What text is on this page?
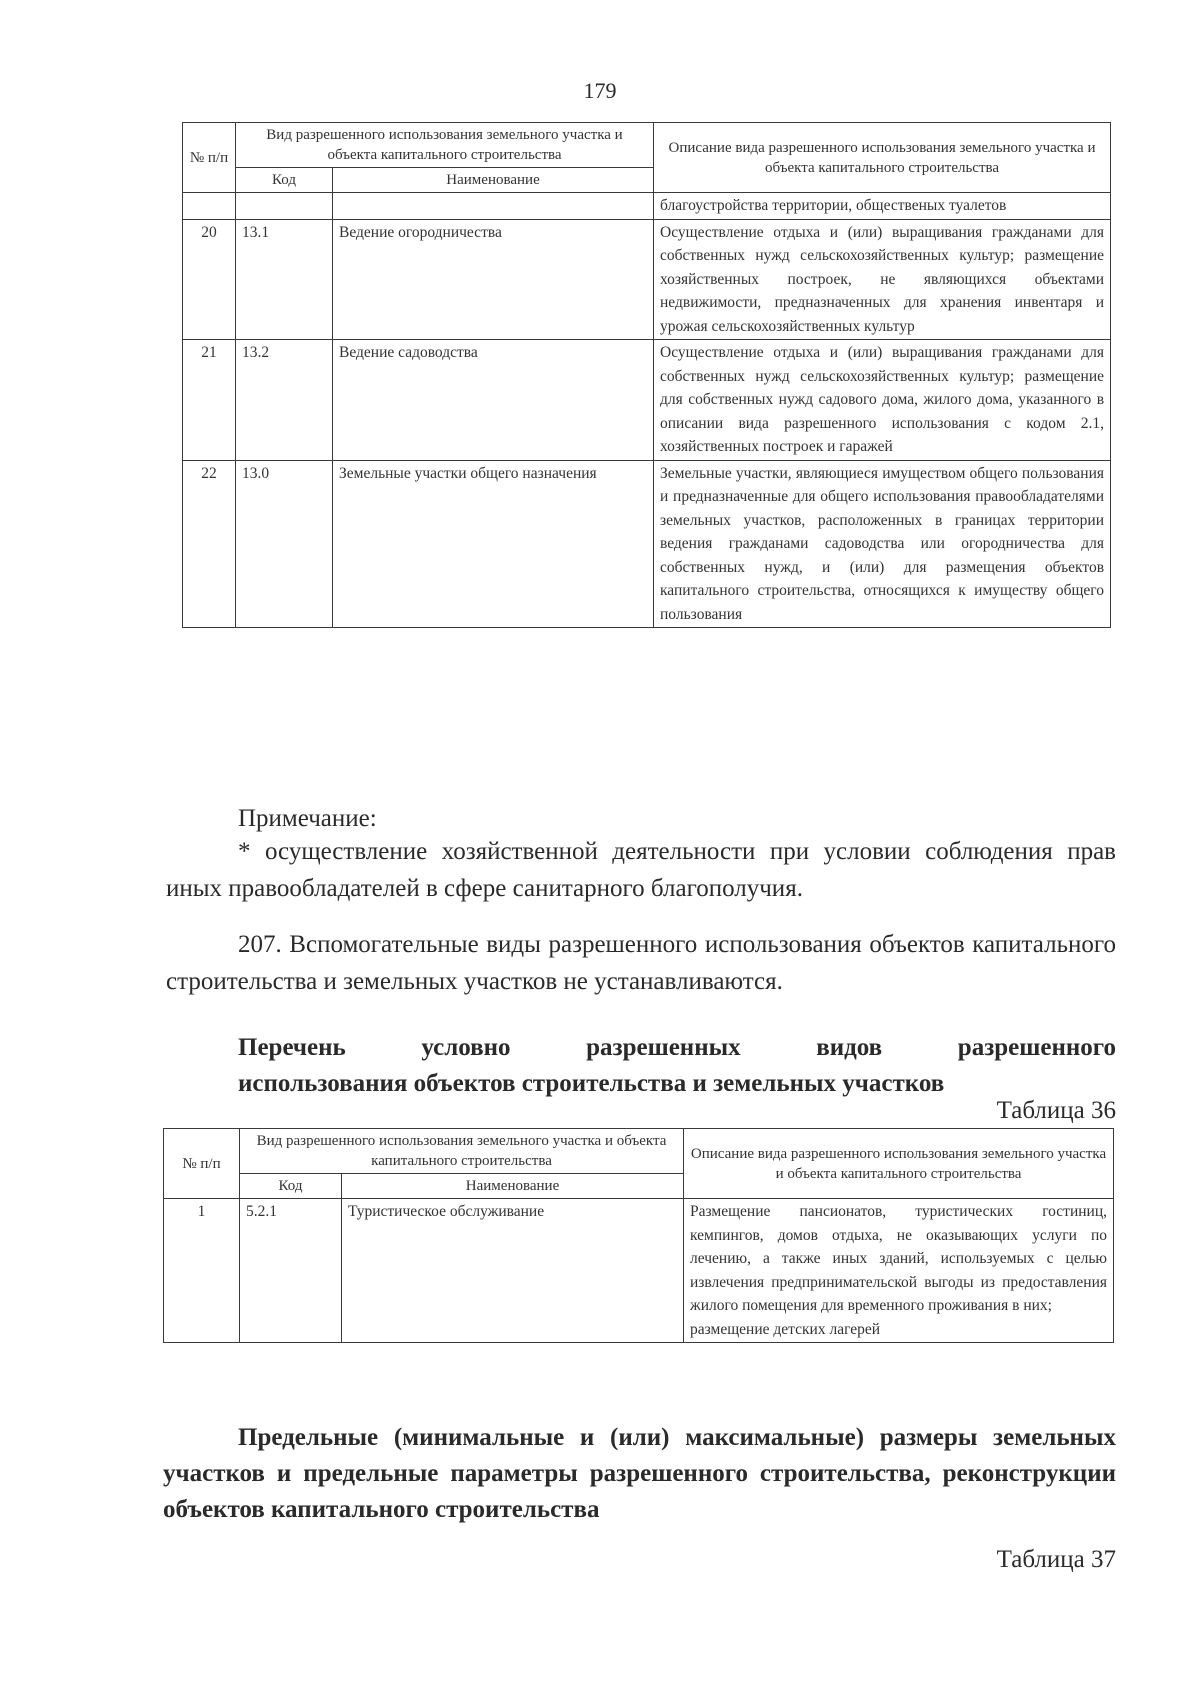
179
№ п/п	Вид разрешенного использования земельного участка и объекта капитального строительства		Описание вида разрешенного использования земельного участка и объекта капитального строительства
	Код	Наименование	
			благоустройства территории, общественых туалетов
20	13.1	Ведение огородничества	Осуществление отдыха и (или) выращивания гражданами для собственных нужд сельскохозяйственных культур; размещение хозяйственных построек, не являющихся объектами недвижимости, предназначенных для хранения инвентаря и урожая сельскохозяйственных культур
21	13.2	Ведение садоводства	Осуществление отдыха и (или) выращивания гражданами для собственных нужд сельскохозяйственных культур; размещение для собственных нужд садового дома, жилого дома, указанного в описании вида разрешенного использования с кодом 2.1, хозяйственных построек и гаражей
22	13.0	Земельные участки общего назначения	Земельные участки, являющиеся имуществом общего пользования и предназначенные для общего использования правообладателями земельных участков, расположенных в границах территории ведения гражданами садоводства или огородничества для собственных нужд, и (или) для размещения объектов капитального строительства, относящихся к имуществу общего пользования
Примечание:
* осуществление хозяйственной деятельности при условии соблюдения прав иных правообладателей в сфере санитарного благополучия.
207. Вспомогательные виды разрешенного использования объектов капитального строительства и земельных участков не устанавливаются.
Перечень условно разрешенных видов разрешенного
использования объектов строительства и земельных участков
Таблица 36
№ п/п	Вид разрешенного использования земельного участка и объекта капитального строительства		Описание вида разрешенного использования земельного участка и объекта капитального строительства
	Код	Наименование	
1	5.2.1	Туристическое обслуживание	Размещение пансионатов, туристических гостиниц, кемпингов, домов отдыха, не оказывающих услуги по лечению, а также иных зданий, используемых с целью извлечения предпринимательской выгоды из предоставления жилого помещения для временного проживания в них;
размещение детских лагерей
Предельные (минимальные и (или) максимальные) размеры земельных участков и предельные параметры разрешенного строительства, реконструкции объектов капитального строительства
Таблица 37
